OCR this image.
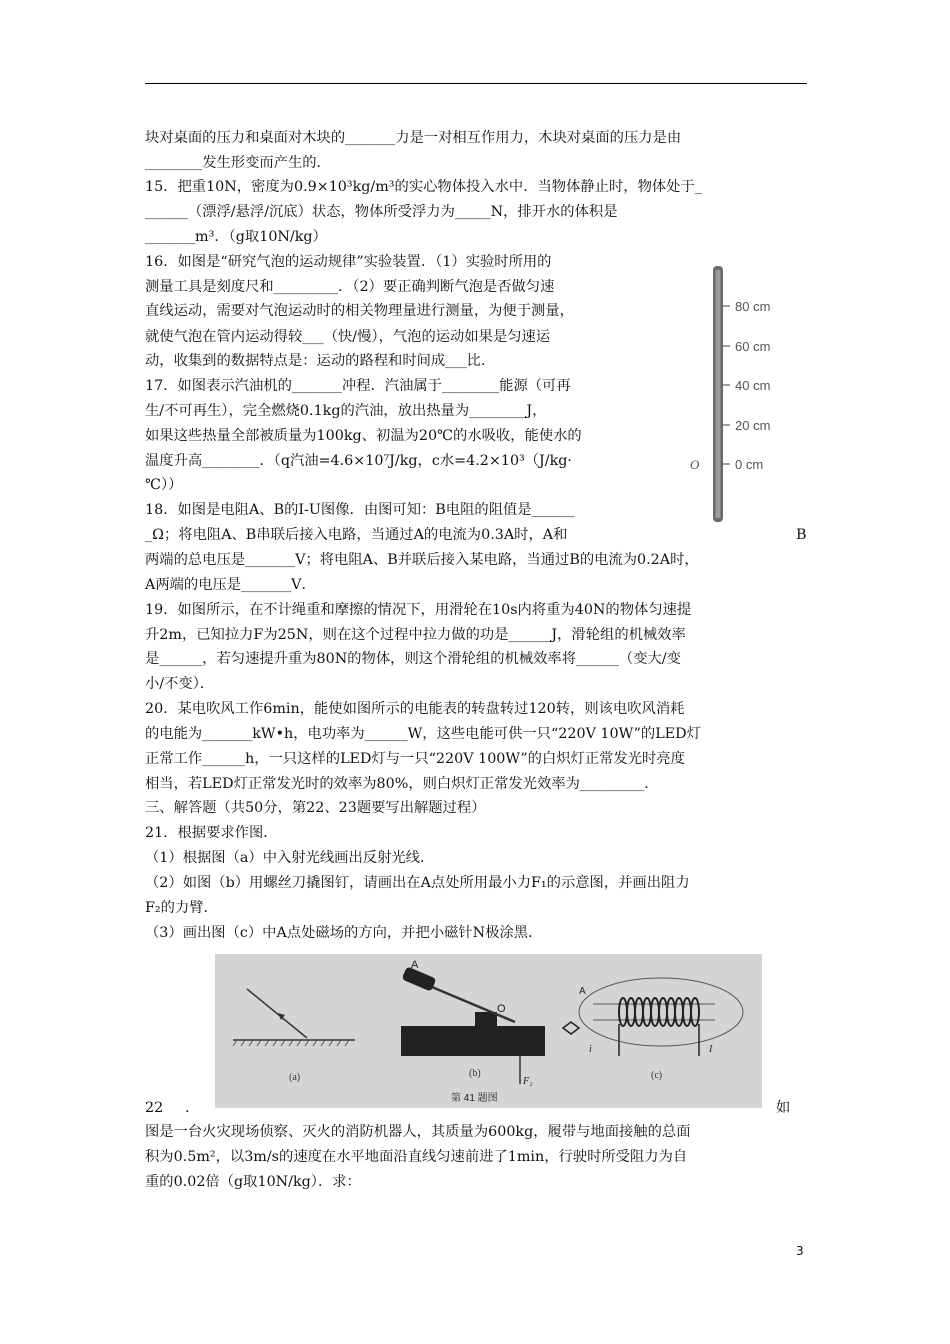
块对桌面的压力和桌面对木块的_______力是一对相互作用力，木块对桌面的压力是由
________发生形变而产生的．
15．把重10N，密度为0.9×10³kg/m³的实心物体投入水中．当物体静止时，物体处于_
______（漂浮/悬浮/沉底）状态，物体所受浮力为_____N，排开水的体积是
_______m³．（g取10N/kg）
16．如图是“研究气泡的运动规律”实验装置．（1）实验时所用的
测量工具是刻度尺和_________．（2）要正确判断气泡是否做匀速
直线运动，需要对气泡运动时的相关物理量进行测量，为便于测量，
就使气泡在管内运动得较___（快/慢），气泡的运动如果是匀速运
动，收集到的数据特点是：运动的路程和时间成___比．
17．如图表示汽油机的_______冲程．汽油属于________能源（可再
生/不可再生），完全燃烧0.1kg的汽油，放出热量为________J，
如果这些热量全部被质量为100kg、初温为20℃的水吸收，能使水的
温度升高________．（q汽油=4.6×10⁷J/kg，c水=4.2×10³（J/kg·
℃））
18．如图是电阻A、B的I-U图像．由图可知：B电阻的阻值是______
_Ω；将电阻A、B串联后接入电路，当通过A的电流为0.3A时，A和	B
两端的总电压是_______V；将电阻A、B并联后接入某电路，当通过B的电流为0.2A时，
A两端的电压是_______V．
19．如图所示，在不计绳重和摩擦的情况下，用滑轮在10s内将重为40N的物体匀速提
升2m，已知拉力F为25N，则在这个过程中拉力做的功是______J，滑轮组的机械效率
是______，若匀速提升重为80N的物体，则这个滑轮组的机械效率将______（变大/变
小/不变）．
20．某电吹风工作6min，能使如图所示的电能表的转盘转过120转，则该电吹风消耗
的电能为_______kW•h，电功率为______W，这些电能可供一只“220V 10W”的LED灯
正常工作______h，一只这样的LED灯与一只“220V 100W”的白炽灯正常发光时亮度
相当，若LED灯正常发光时的效率为80%，则白炽灯正常发光效率为_________．
三、解答题（共50分，第22、23题要写出解题过程）
21．根据要求作图．
（1）根据图（a）中入射光线画出反射光线．
（2）如图（b）用螺丝刀撬图钉，请画出在A点处所用最小力F₁的示意图，并画出阻力
F₂的力臂．
（3）画出图（c）中A点处磁场的方向，并把小磁针N极涂黑．
80 cm
60 cm
40 cm
20 cm
0 cm
O
(a)
A
O
F₂
(b)
A
i	I
(c)
第 41 题图
22 .	如
图是一台火灾现场侦察、灭火的消防机器人，其质量为600kg，履带与地面接触的总面
积为0.5m²，以3m/s的速度在水平地面沿直线匀速前进了1min，行驶时所受阻力为自
重的0.02倍（g取10N/kg）．求：
3
